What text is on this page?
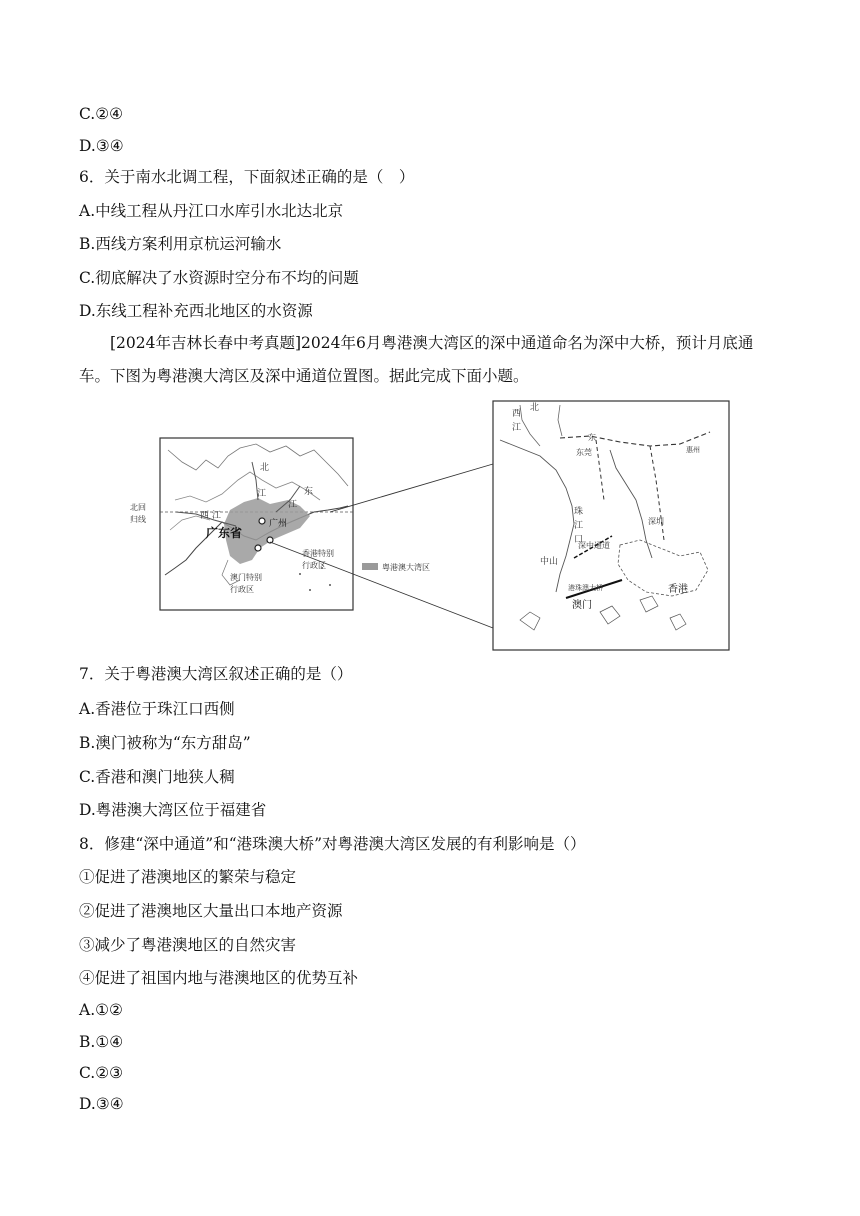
C.②④
D.③④
6．关于南水北调工程，下面叙述正确的是（　）
A.中线工程从丹江口水库引水北达北京
B.西线方案利用京杭运河输水
C.彻底解决了水资源时空分布不均的问题
D.东线工程补充西北地区的水资源
[2024年吉林长春中考真题]2024年6月粤港澳大湾区的深中通道命名为深中大桥，预计月底通车。下图为粤港澳大湾区及深中通道位置图。据此完成下面小题。
北回
归线	西 江
北
江	东
江
广东省
广州
香港特别
行政区
澳门特别
行政区
粤港澳大湾区
北
西
江
东
东莞	惠州
珠
江
口
深圳
深中通道
中山
港珠澳大桥
澳门
香港
7．关于粤港澳大湾区叙述正确的是（）
A.香港位于珠江口西侧
B.澳门被称为“东方甜岛”
C.香港和澳门地狭人稠
D.粤港澳大湾区位于福建省
8．修建“深中通道”和“港珠澳大桥”对粤港澳大湾区发展的有利影响是（）
①促进了港澳地区的繁荣与稳定
②促进了港澳地区大量出口本地产资源
③减少了粤港澳地区的自然灾害
④促进了祖国内地与港澳地区的优势互补
A.①②
B.①④
C.②③
D.③④
